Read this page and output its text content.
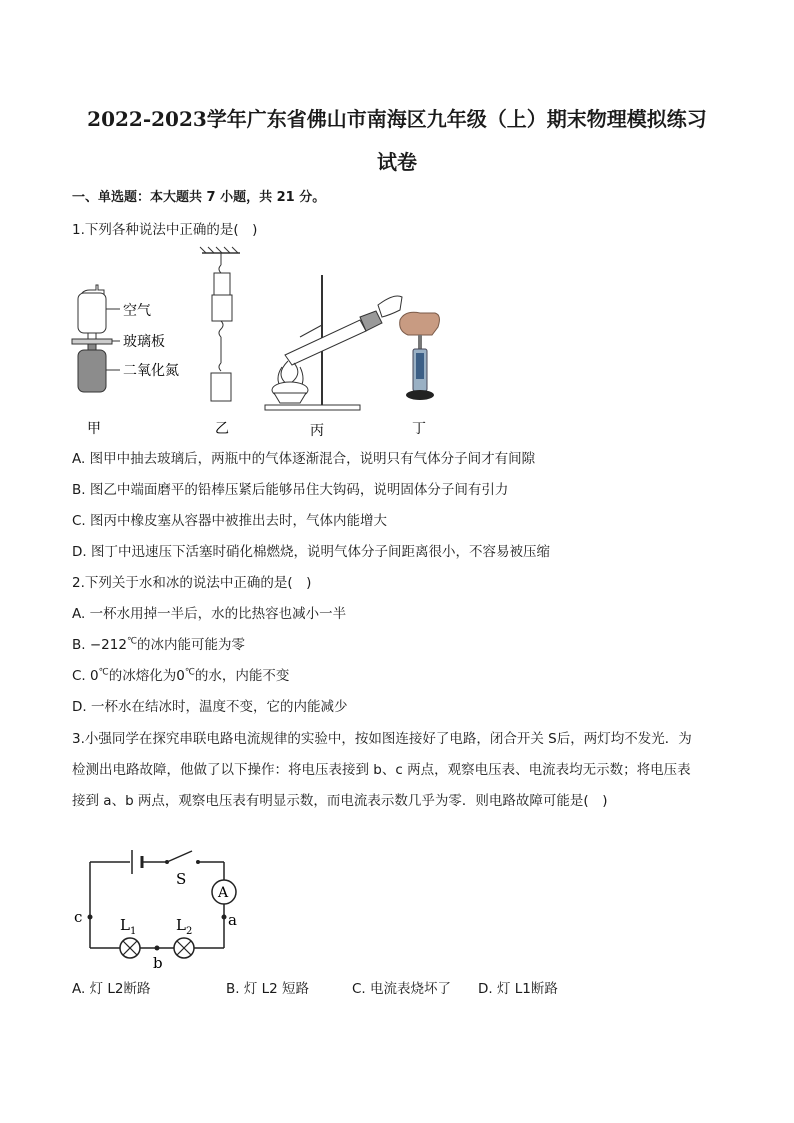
2022-2023学年广东省佛山市南海区九年级（上）期末物理模拟练习
试卷
一、单选题：本大题共 7 小题，共 21 分。
1.下列各种说法中正确的是(　)
空气
玻璃板
二氧化氮
甲	乙	丙	丁
A. 图甲中抽去玻璃后，两瓶中的气体逐渐混合，说明只有气体分子间才有间隙
B. 图乙中端面磨平的铅棒压紧后能够吊住大钩码，说明固体分子间有引力
C. 图丙中橡皮塞从容器中被推出去时，气体内能增大
D. 图丁中迅速压下活塞时硝化棉燃烧，说明气体分子间距离很小，不容易被压缩
2.下列关于水和冰的说法中正确的是(　)
A. 一杯水用掉一半后，水的比热容也减小一半
B. −212℃的冰内能可能为零
C. 0℃的冰熔化为0℃的水，内能不变
D. 一杯水在结冰时，温度不变，它的内能减少
3.小强同学在探究串联电路电流规律的实验中，按如图连接好了电路，闭合开关 S后，两灯均不发光．为
检测出电路故障，他做了以下操作：将电压表接到 b、c 两点，观察电压表、电流表均无示数；将电压表
接到 a、b 两点，观察电压表有明显示数，而电流表示数几乎为零．则电路故障可能是(　)
A
S
c	a
b
$L_1$	$L_2$
A. 灯 L2断路	B. 灯 L2 短路	C. 电流表烧坏了 D. 灯 L1断路
